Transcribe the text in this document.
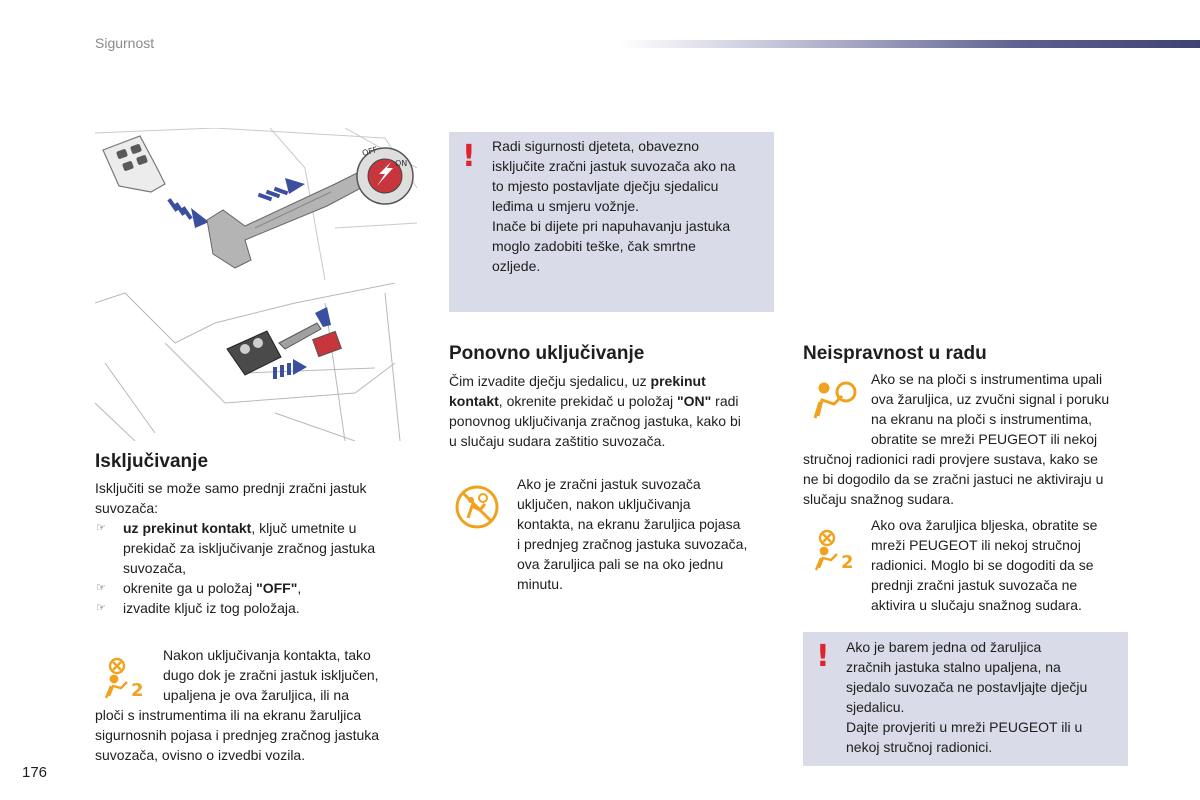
Sigurnost
OFF
ON ! Radi sigurnosti djeteta, obavezno
isključite zračni jastuk suvozača ako na
to mjesto postavljate dječju sjedalicu
leđima u smjeru vožnje.
Inače bi dijete pri napuhavanju jastuka
moglo zadobiti teške, čak smrtne
ozljede.
Isključivanje
Isključiti se može samo prednji zračni jastuk
suvozača:
☞ uz prekinut kontakt, ključ umetnite u
prekidač za isključivanje zračnog jastuka
suvozača,
☞ okrenite ga u položaj "OFF",
☞ izvadite ključ iz tog položaja.
2
Nakon uključivanja kontakta, tako
dugo dok je zračni jastuk isključen,
upaljena je ova žaruljica, ili na
ploči s instrumentima ili na ekranu žaruljica
sigurnosnih pojasa i prednjeg zračnog jastuka
suvozača, ovisno o izvedbi vozila.
Ponovno uključivanje
Čim izvadite dječju sjedalicu, uz prekinut
kontakt, okrenite prekidač u položaj "ON" radi
ponovnog uključivanja zračnog jastuka, kako bi
u slučaju sudara zaštitio suvozača.
Ako je zračni jastuk suvozača
uključen, nakon uključivanja
kontakta, na ekranu žaruljica pojasa
i prednjeg zračnog jastuka suvozača,
ova žaruljica pali se na oko jednu
minutu.
Neispravnost u radu
Ako se na ploči s instrumentima upali
ova žaruljica, uz zvučni signal i poruku
na ekranu na ploči s instrumentima,
obratite se mreži PEUGEOT ili nekoj
stručnoj radionici radi provjere sustava, kako se
ne bi dogodilo da se zračni jastuci ne aktiviraju u
slučaju snažnog sudara.
2
Ako ova žaruljica bljeska, obratite se
mreži PEUGEOT ili nekoj stručnoj
radionici. Moglo bi se dogoditi da se
prednji zračni jastuk suvozača ne
aktivira u slučaju snažnog sudara.
! Ako je barem jedna od žaruljica
zračnih jastuka stalno upaljena, na
sjedalo suvozača ne postavljajte dječju
sjedalicu.
Dajte provjeriti u mreži PEUGEOT ili u
nekoj stručnoj radionici.
176
